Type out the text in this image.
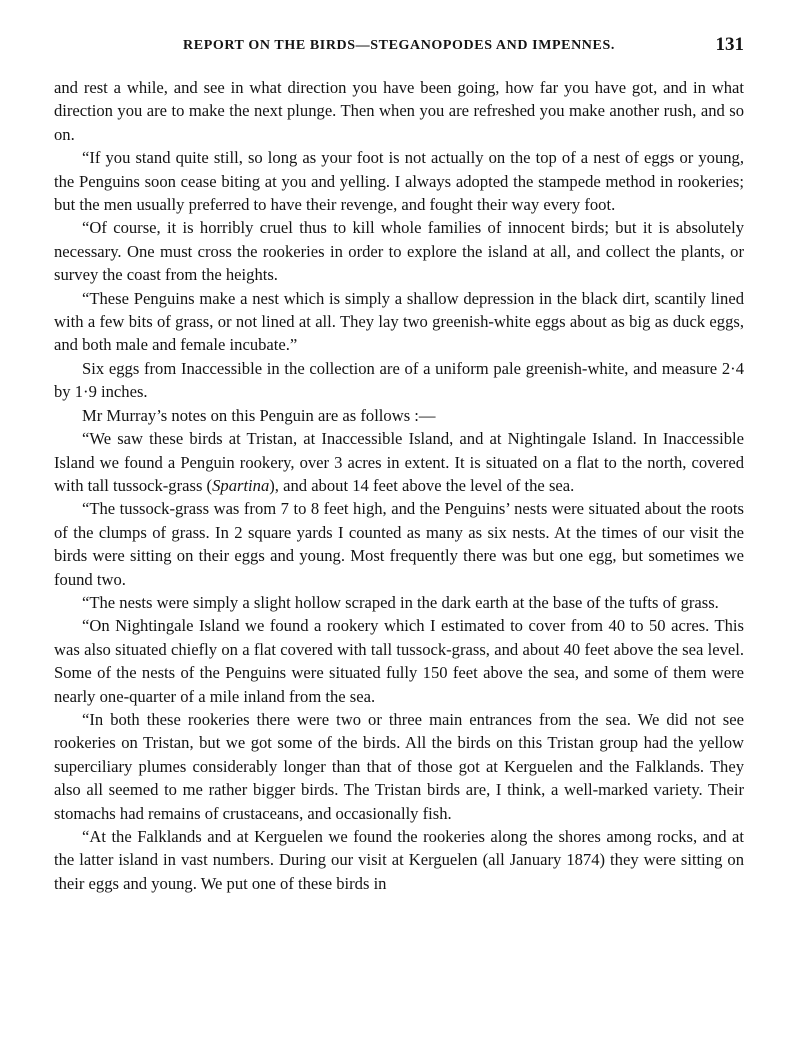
REPORT ON THE BIRDS—STEGANOPODES AND IMPENNES.	131

and rest a while, and see in what direction you have been going, how far you have got, and in what direction you are to make the next plunge. Then when you are refreshed you make another rush, and so on.

“If you stand quite still, so long as your foot is not actually on the top of a nest of eggs or young, the Penguins soon cease biting at you and yelling. I always adopted the stampede method in rookeries; but the men usually preferred to have their revenge, and fought their way every foot.

“Of course, it is horribly cruel thus to kill whole families of innocent birds; but it is absolutely necessary. One must cross the rookeries in order to explore the island at all, and collect the plants, or survey the coast from the heights.

“These Penguins make a nest which is simply a shallow depression in the black dirt, scantily lined with a few bits of grass, or not lined at all. They lay two greenish-white eggs about as big as duck eggs, and both male and female incubate.”

Six eggs from Inaccessible in the collection are of a uniform pale greenish-white, and measure 2·4 by 1·9 inches.

Mr Murray’s notes on this Penguin are as follows :—

“We saw these birds at Tristan, at Inaccessible Island, and at Nightingale Island. In Inaccessible Island we found a Penguin rookery, over 3 acres in extent. It is situated on a flat to the north, covered with tall tussock-grass (Spartina), and about 14 feet above the level of the sea.

“The tussock-grass was from 7 to 8 feet high, and the Penguins’ nests were situated about the roots of the clumps of grass. In 2 square yards I counted as many as six nests. At the times of our visit the birds were sitting on their eggs and young. Most frequently there was but one egg, but sometimes we found two.

“The nests were simply a slight hollow scraped in the dark earth at the base of the tufts of grass.

“On Nightingale Island we found a rookery which I estimated to cover from 40 to 50 acres. This was also situated chiefly on a flat covered with tall tussock-grass, and about 40 feet above the sea level. Some of the nests of the Penguins were situated fully 150 feet above the sea, and some of them were nearly one-quarter of a mile inland from the sea.

“In both these rookeries there were two or three main entrances from the sea. We did not see rookeries on Tristan, but we got some of the birds. All the birds on this Tristan group had the yellow superciliary plumes considerably longer than that of those got at Kerguelen and the Falklands. They also all seemed to me rather bigger birds. The Tristan birds are, I think, a well-marked variety. Their stomachs had remains of crustaceans, and occasionally fish.

“At the Falklands and at Kerguelen we found the rookeries along the shores among rocks, and at the latter island in vast numbers. During our visit at Kerguelen (all January 1874) they were sitting on their eggs and young. We put one of these birds in
